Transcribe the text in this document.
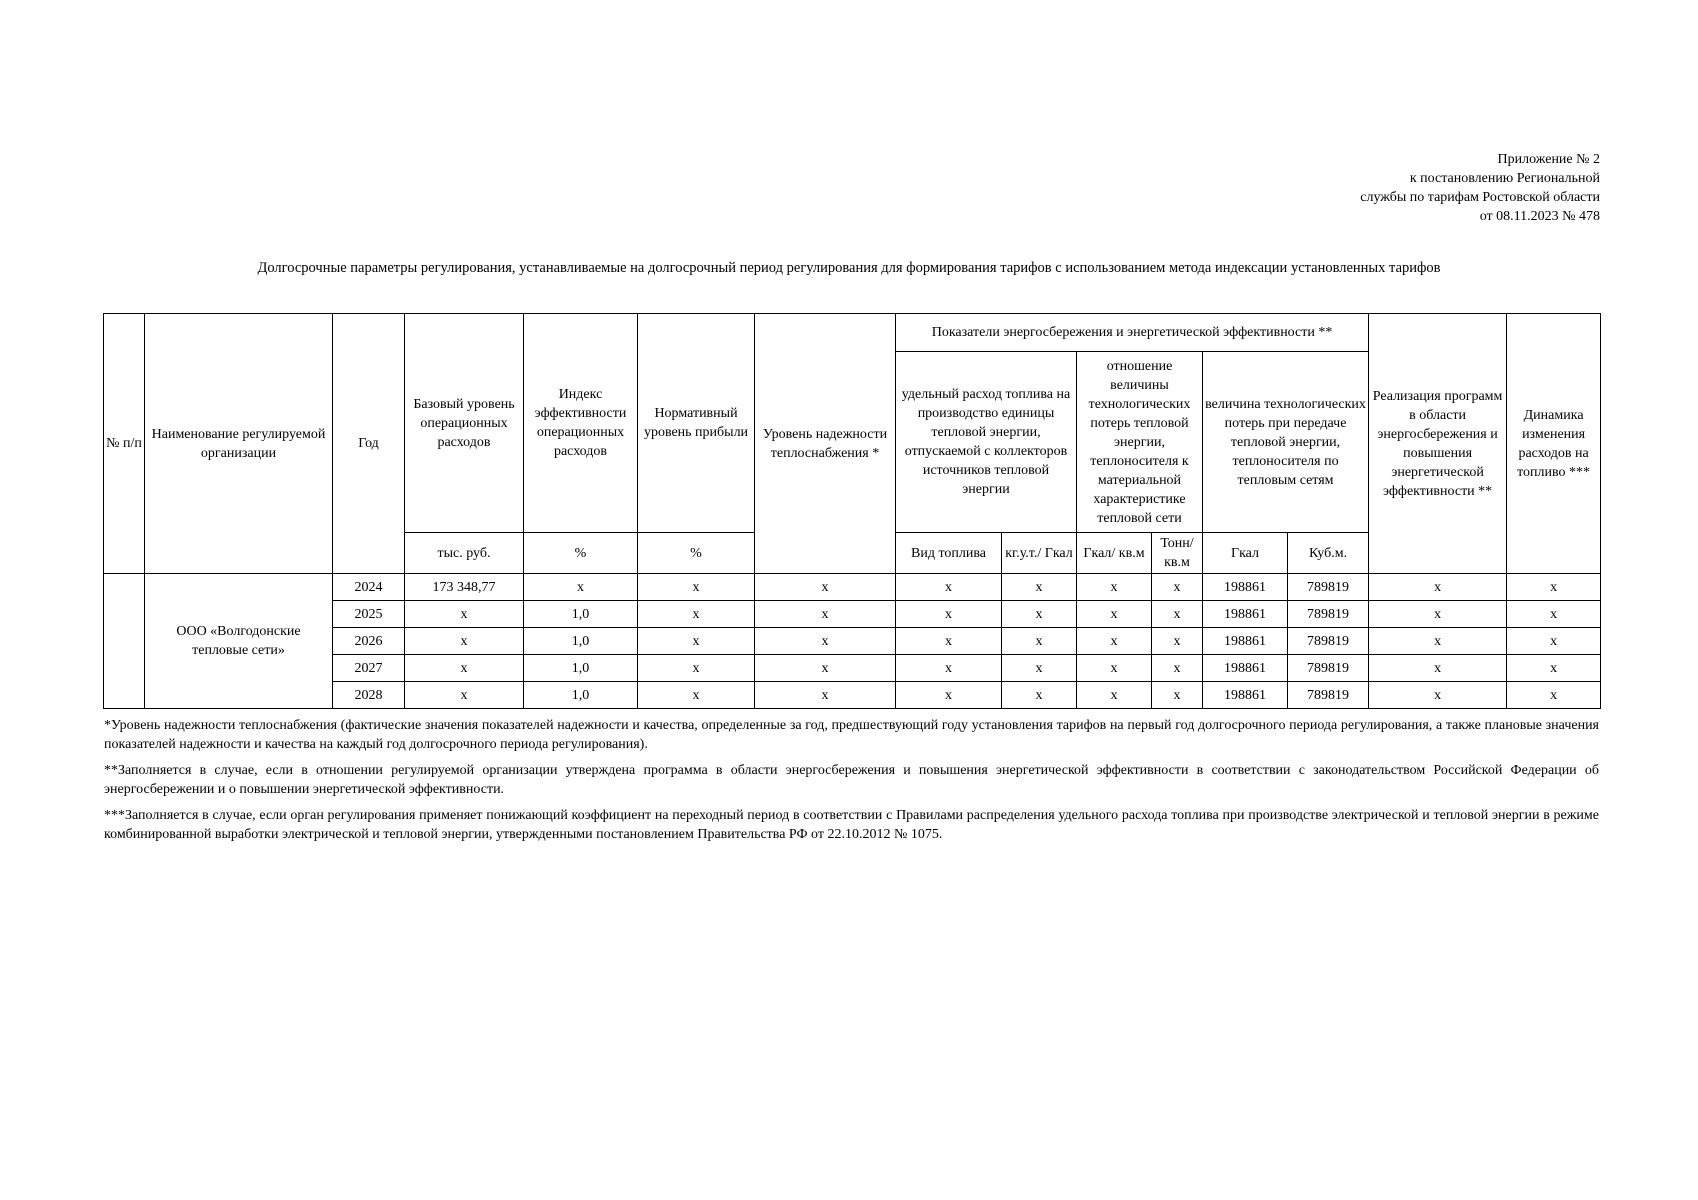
Приложение № 2
к постановлению Региональной
службы по тарифам Ростовской области
от 08.11.2023 № 478
Долгосрочные параметры регулирования, устанавливаемые на долгосрочный период регулирования для формирования тарифов с использованием метода индексации установленных тарифов
№ п/п	Наименование регулируемой организации	Год	Базовый уровень операционных расходов	Индекс эффективности операционных расходов	Нормативный уровень прибыли	Уровень надежности теплоснабжения *	Показатели энергосбережения и энергетической эффективности **						Реализация программ в области энергосбережения и повышения энергетической эффективности **	Динамика изменения расходов на топливо ***
							удельный расход топлива на производство единицы тепловой энергии, отпускаемой с коллекторов источников тепловой энергии		отношение величины технологических потерь тепловой энергии, теплоносителя к материальной характеристике тепловой сети		величина технологических потерь при передаче тепловой энергии, теплоносителя по тепловым сетям			
			тыс. руб.	%	%		Вид топлива	кг.у.т./ Гкал	Гкал/ кв.м	Тонн/ кв.м	Гкал	Куб.м.		
	ООО «Волгодонские тепловые сети»	2024	173 348,77	x	x	x	x	x	x	x	198861	789819	x	x
		2025	x	1,0	x	x	x	x	x	x	198861	789819	x	x
		2026	x	1,0	x	x	x	x	x	x	198861	789819	x	x
		2027	x	1,0	x	x	x	x	x	x	198861	789819	x	x
		2028	x	1,0	x	x	x	x	x	x	198861	789819	x	x

*Уровень надежности теплоснабжения (фактические значения показателей надежности и качества, определенные за год, предшествующий году установления тарифов на первый год долгосрочного периода регулирования, а также плановые значения показателей надежности и качества на каждый год долгосрочного периода регулирования).

**Заполняется в случае, если в отношении регулируемой организации утверждена программа в области энергосбережения и повышения энергетической эффективности в соответствии с законодательством Российской Федерации об энергосбережении и о повышении энергетической эффективности.

***Заполняется в случае, если орган регулирования применяет понижающий коэффициент на переходный период в соответствии с Правилами распределения удельного расхода топлива при производстве электрической и тепловой энергии в режиме комбинированной выработки электрической и тепловой энергии, утвержденными постановлением Правительства РФ от 22.10.2012 № 1075.
